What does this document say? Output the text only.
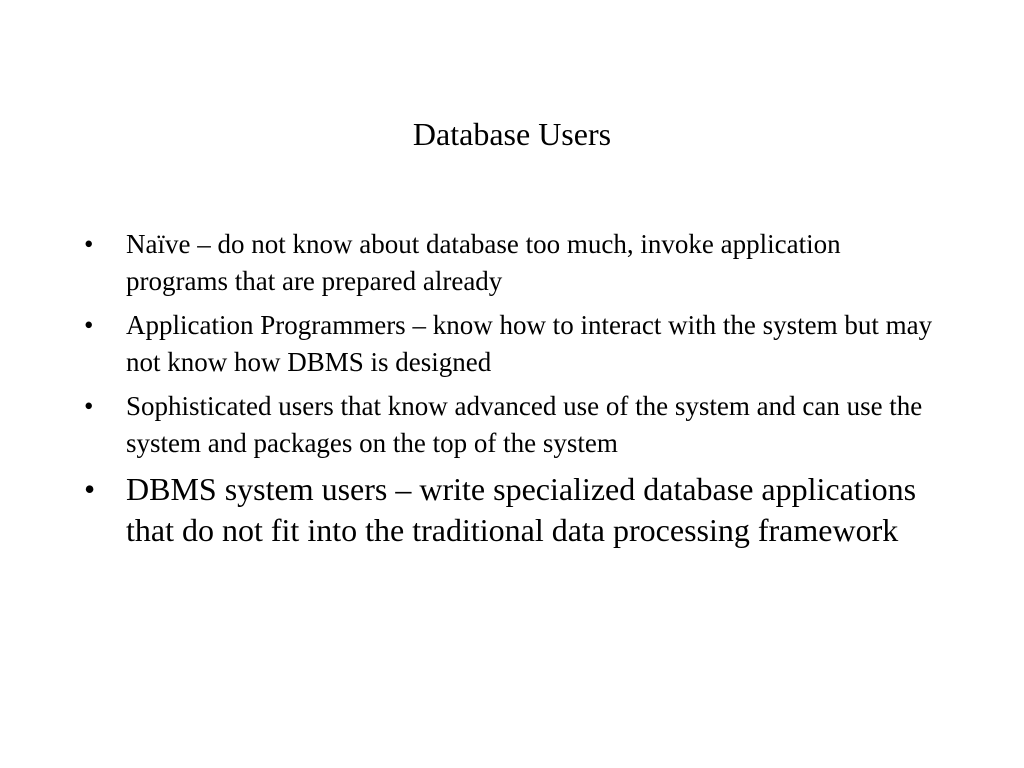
Database Users
• Naïve – do not know about database too much, invoke application programs that are prepared already
• Application Programmers – know how to interact with the system but may not know how DBMS is designed
• Sophisticated users that know advanced use of the system and can use the system and packages on the top of the system
• DBMS system users – write specialized database applications that do not fit into the traditional data processing framework
